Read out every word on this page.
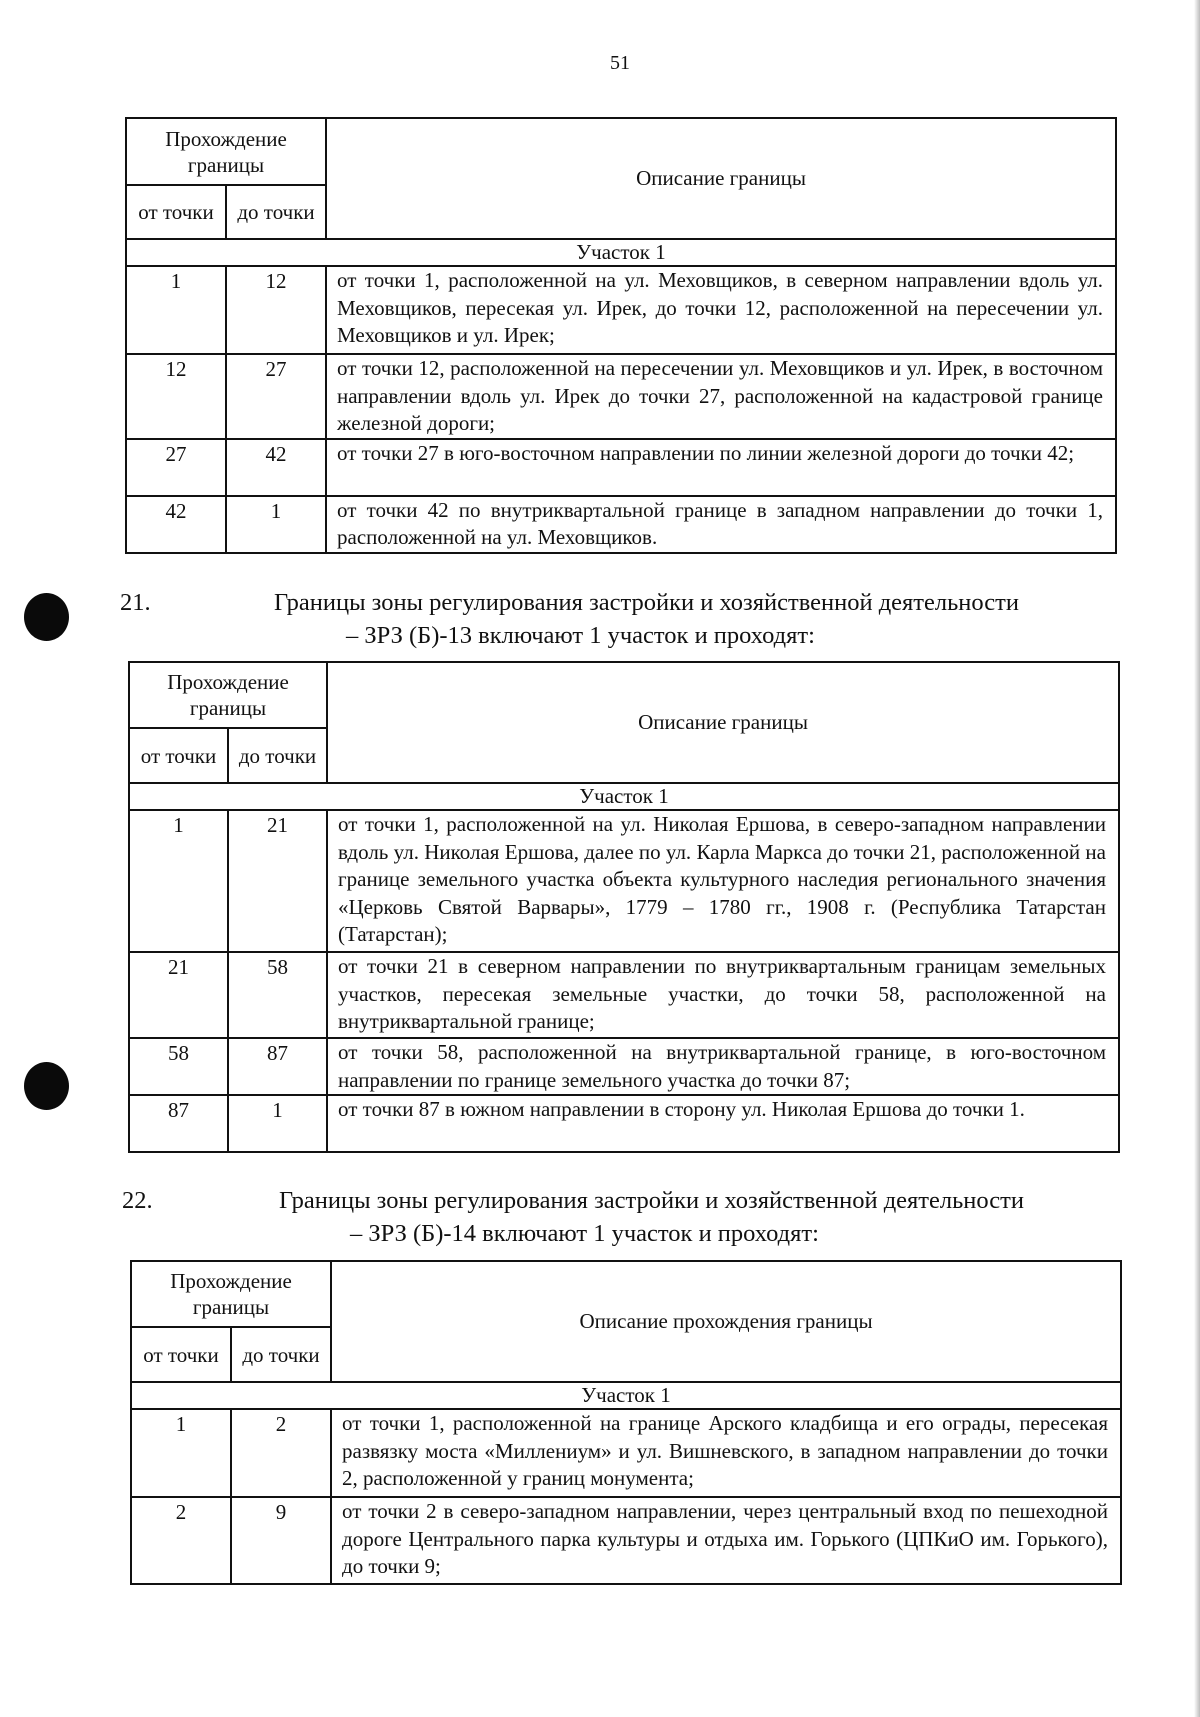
51
Прохождение границы		Описание границы
от точки	до точки	
Участок 1		
1	12	от точки 1, расположенной на ул. Меховщиков, в северном направлении вдоль ул. Меховщиков, пересекая ул. Ирек, до точки 12, расположенной на пересечении ул. Меховщиков и ул. Ирек;
12	27	от точки 12, расположенной на пересечении ул. Меховщиков и ул. Ирек, в восточном направлении вдоль ул. Ирек до точки 27, расположенной на кадастровой границе железной дороги;
27	42	от точки 27 в юго-восточном направлении по линии железной дороги до точки 42;
42	1	от точки 42 по внутриквартальной границе в западном направлении до точки 1, расположенной на ул. Меховщиков.
21.	Границы зоны регулирования застройки и хозяйственной деятельности
– ЗРЗ (Б)-13 включают 1 участок и проходят:
Прохождение границы		Описание границы
от точки	до точки	
Участок 1		
1	21	от точки 1, расположенной на ул. Николая Ершова, в северо-западном направлении вдоль ул. Николая Ершова, далее по ул. Карла Маркса до точки 21, расположенной на границе земельного участка объекта культурного наследия регионального значения «Церковь Святой Варвары», 1779 – 1780 гг., 1908 г. (Республика Татарстан (Татарстан);
21	58	от точки 21 в северном направлении по внутриквартальным границам земельных участков, пересекая земельные участки, до точки 58, расположенной на внутриквартальной границе;
58	87	от точки 58, расположенной на внутриквартальной границе, в юго-восточном направлении по границе земельного участка до точки 87;
87	1	от точки 87 в южном направлении в сторону ул. Николая Ершова до точки 1.
22.	Границы зоны регулирования застройки и хозяйственной деятельности
– ЗРЗ (Б)-14 включают 1 участок и проходят:
Прохождение границы		Описание прохождения границы
от точки	до точки	
Участок 1		
1	2	от точки 1, расположенной на границе Арского кладбища и его ограды, пересекая развязку моста «Миллениум» и ул. Вишневского, в западном направлении до точки 2, расположенной у границ монумента;
2	9	от точки 2 в северо-западном направлении, через центральный вход по пешеходной дороге Центрального парка культуры и отдыха им. Горького (ЦПКиО им. Горького), до точки 9;
